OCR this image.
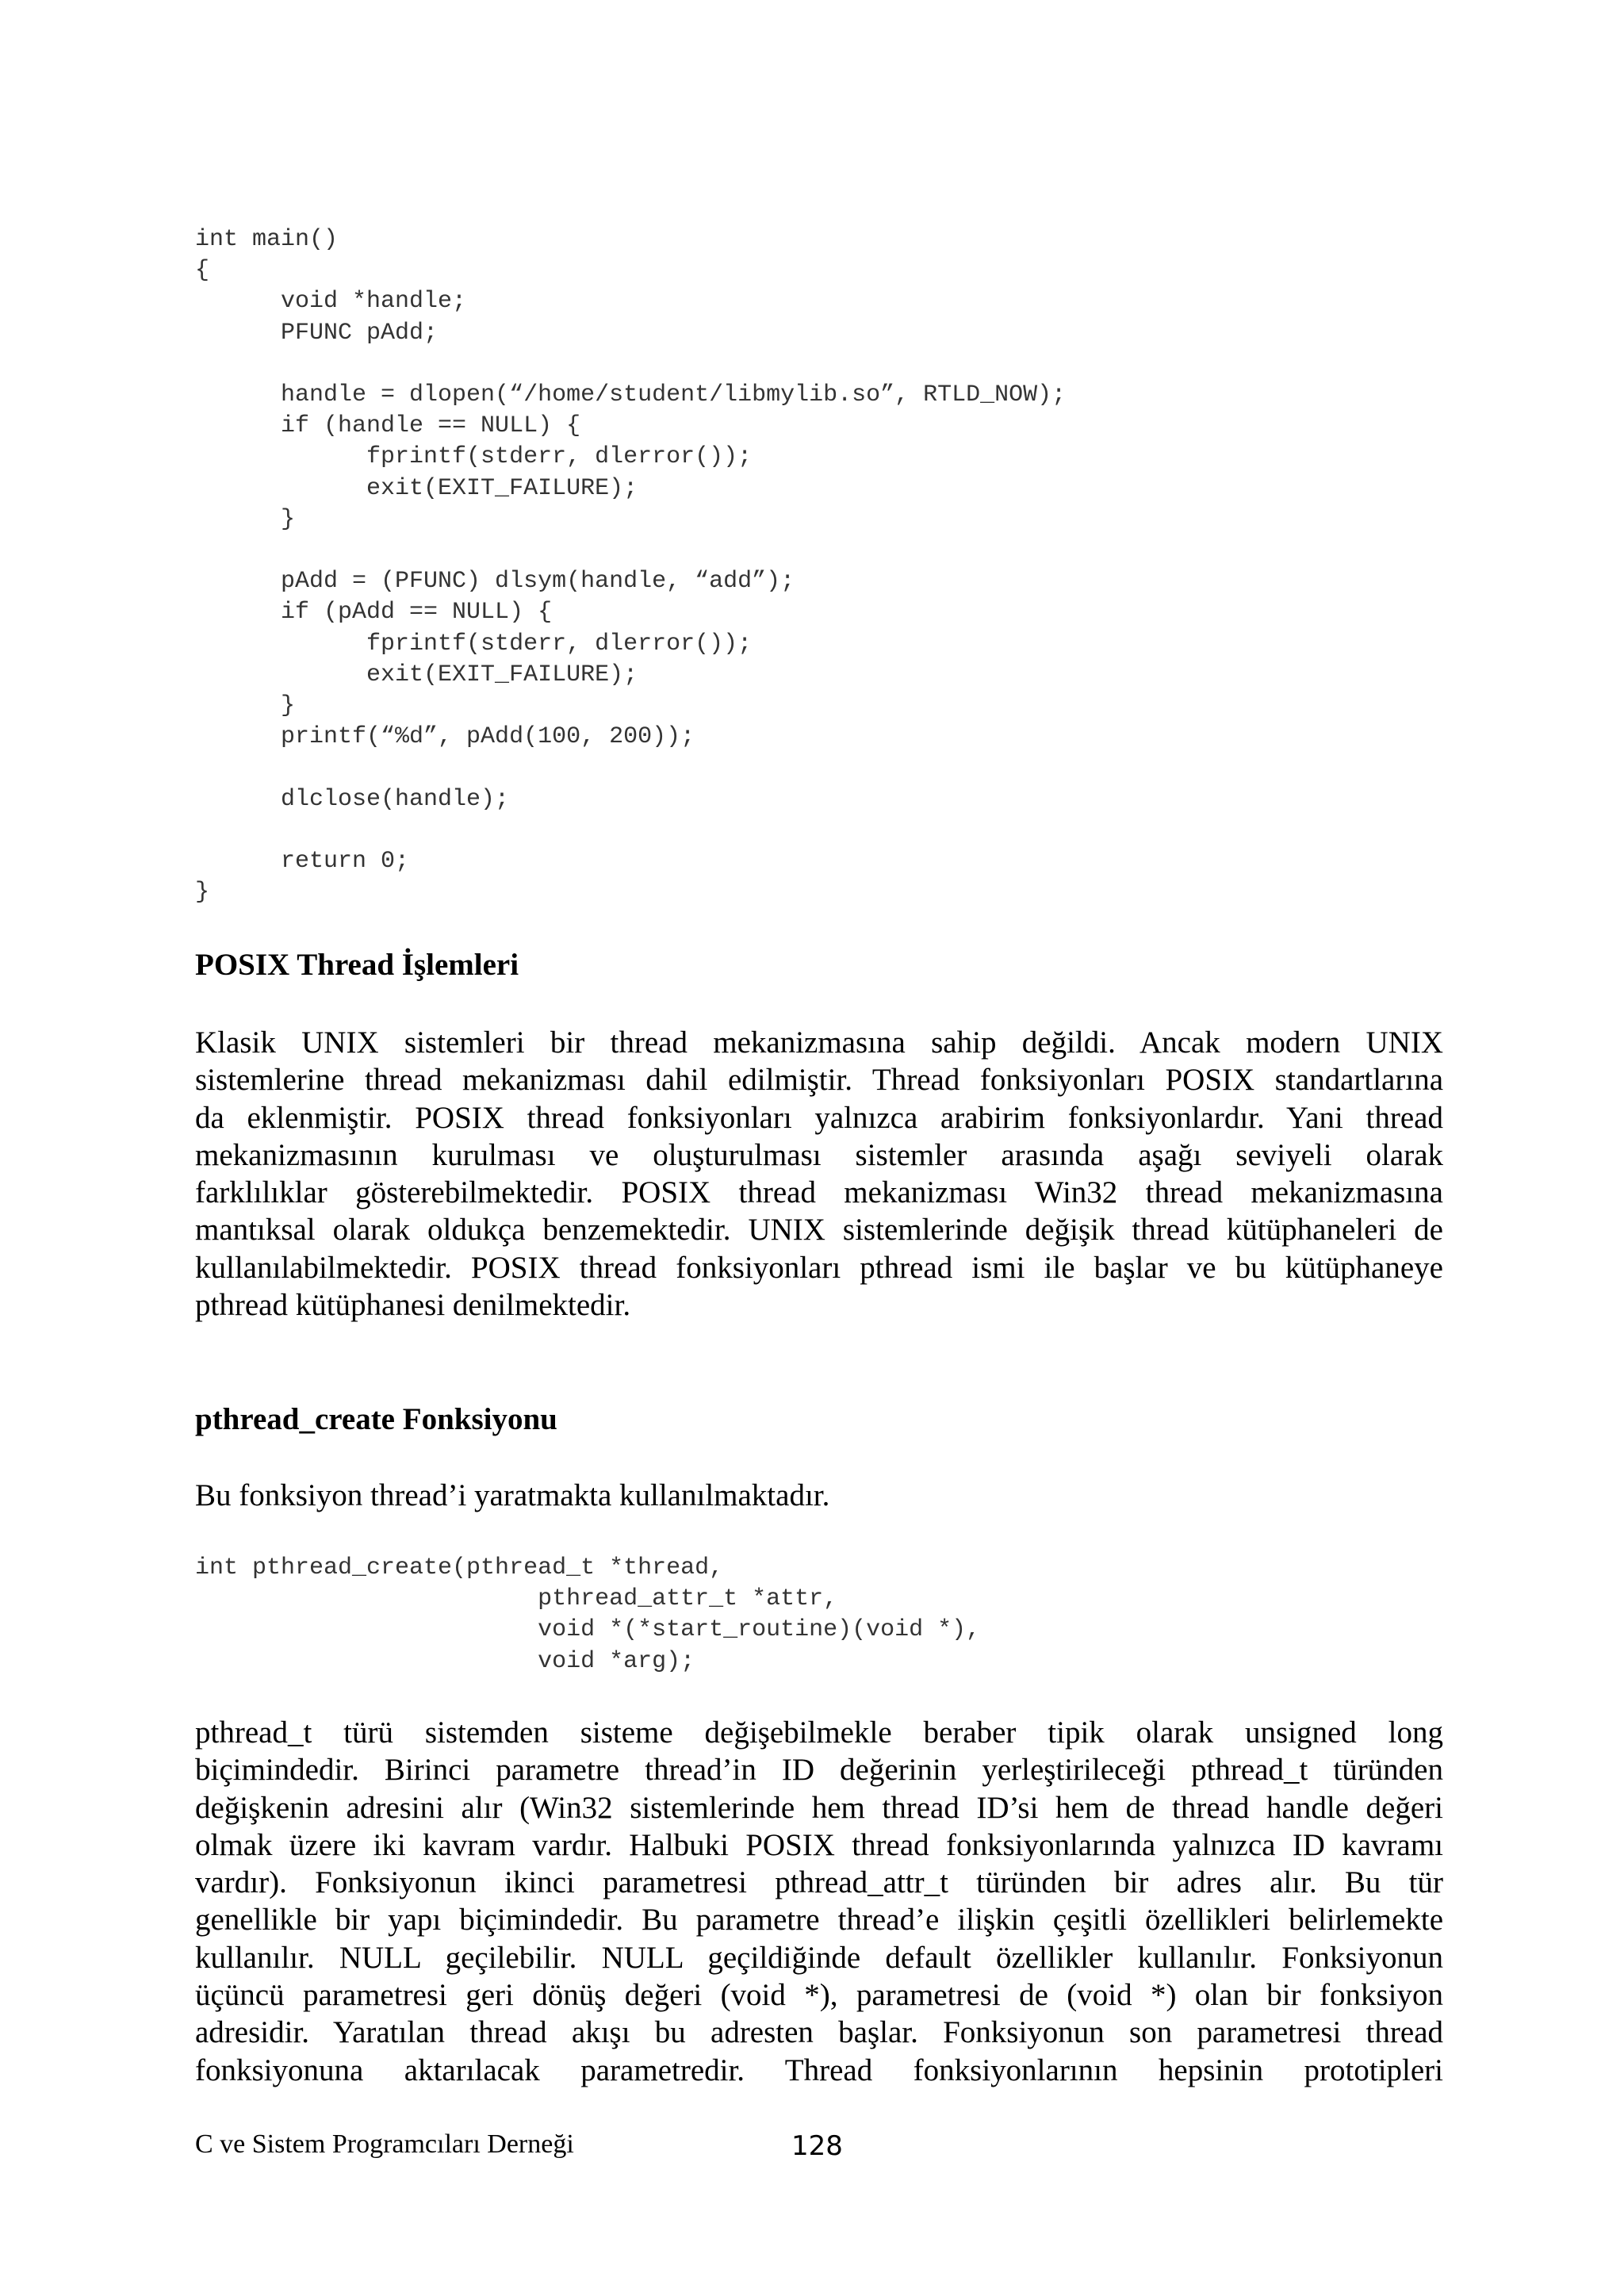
int main()
{
void *handle;
PFUNC pAdd;

handle = dlopen(“/home/student/libmylib.so”, RTLD_NOW);
if (handle == NULL) {
fprintf(stderr, dlerror());
exit(EXIT_FAILURE);
}

pAdd = (PFUNC) dlsym(handle, “add”);
if (pAdd == NULL) {
fprintf(stderr, dlerror());
exit(EXIT_FAILURE);
}
printf(“%d”, pAdd(100, 200));

dlclose(handle);

return 0;
}
POSIX Thread İşlemleri
Klasik UNIX sistemleri bir thread mekanizmasına sahip değildi. Ancak modern UNIX
sistemlerine thread mekanizması dahil edilmiştir. Thread fonksiyonları POSIX standartlarına
da eklenmiştir. POSIX thread fonksiyonları yalnızca arabirim fonksiyonlardır. Yani thread
mekanizmasının kurulması ve oluşturulması sistemler arasında aşağı seviyeli olarak
farklılıklar gösterebilmektedir. POSIX thread mekanizması Win32 thread mekanizmasına
mantıksal olarak oldukça benzemektedir. UNIX sistemlerinde değişik thread kütüphaneleri de
kullanılabilmektedir. POSIX thread fonksiyonları pthread ismi ile başlar ve bu kütüphaneye
pthread kütüphanesi denilmektedir.
pthread_create Fonksiyonu
Bu fonksiyon thread’i yaratmakta kullanılmaktadır.
int pthread_create(pthread_t *thread,
pthread_attr_t *attr,
void *(*start_routine)(void *),
void *arg);
pthread_t türü sistemden sisteme değişebilmekle beraber tipik olarak unsigned long
biçimindedir. Birinci parametre thread’in ID değerinin yerleştirileceği pthread_t türünden
değişkenin adresini alır (Win32 sistemlerinde hem thread ID’si hem de thread handle değeri
olmak üzere iki kavram vardır. Halbuki POSIX thread fonksiyonlarında yalnızca ID kavramı
vardır). Fonksiyonun ikinci parametresi pthread_attr_t türünden bir adres alır. Bu tür
genellikle bir yapı biçimindedir. Bu parametre thread’e ilişkin çeşitli özellikleri belirlemekte
kullanılır. NULL geçilebilir. NULL geçildiğinde default özellikler kullanılır. Fonksiyonun
üçüncü parametresi geri dönüş değeri (void *), parametresi de (void *) olan bir fonksiyon
adresidir. Yaratılan thread akışı bu adresten başlar. Fonksiyonun son parametresi thread
fonksiyonuna aktarılacak parametredir. Thread fonksiyonlarının hepsinin prototipleri
C ve Sistem Programcıları Derneği	128
